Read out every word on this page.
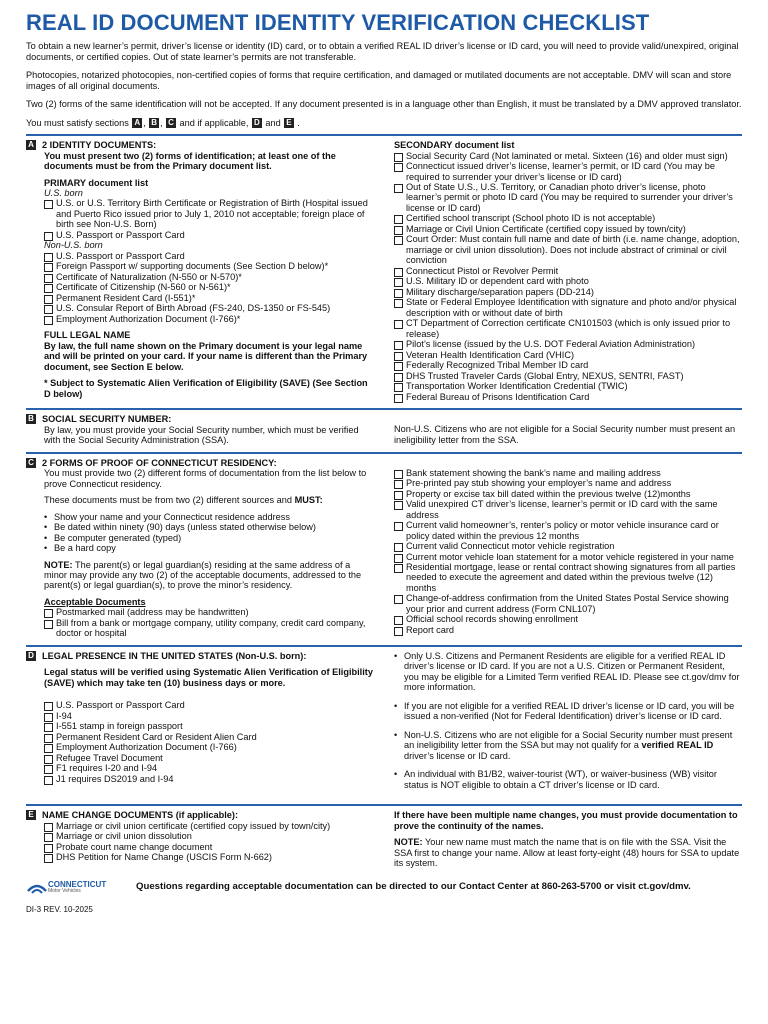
REAL ID DOCUMENT IDENTITY VERIFICATION CHECKLIST

To obtain a new learner’s permit, driver’s license or identity (ID) card, or to obtain a verified REAL ID driver’s license or ID card, you will need to provide valid/unexpired, original documents, or certified copies. Out of state learner’s permits are not transferable.

Photocopies, notarized photocopies, non-certified copies of forms that require certification, and damaged or mutilated documents are not acceptable. DMV will scan and store images of all original documents.

Two (2) forms of the same identification will not be accepted. If any document presented is in a language other than English, it must be translated by a DMV approved translator.

You must satisfy sections A , B , C and if applicable, D and E .

A 2 IDENTITY DOCUMENTS:
You must present two (2) forms of identification; at least one of the documents must be from the Primary document list.
PRIMARY document list
U.S. born
U.S. or U.S. Territory Birth Certificate or Registration of Birth (Hospital issued and Puerto Rico issued prior to July 1, 2010 not acceptable; foreign place of birth see Non-U.S. Born)
U.S. Passport or Passport Card
Non-U.S. born
U.S. Passport or Passport Card
Foreign Passport w/ supporting documents (See Section D below)*
Certificate of Naturalization (N-550 or N-570)*
Certificate of Citizenship (N-560 or N-561)*
Permanent Resident Card (I-551)*
U.S. Consular Report of Birth Abroad (FS-240, DS-1350 or FS-545)
Employment Authorization Document (I-766)*
FULL LEGAL NAME
By law, the full name shown on the Primary document is your legal name and will be printed on your card. If your name is different than the Primary document, see Section E below.
* Subject to Systematic Alien Verification of Eligibility (SAVE) (See Section D below)
SECONDARY document list
Social Security Card (Not laminated or metal. Sixteen (16) and older must sign)
Connecticut issued driver’s license, learner’s permit, or ID card (You may be required to surrender your driver’s license or ID card)
Out of State U.S., U.S. Territory, or Canadian photo driver’s license, photo learner’s permit or photo ID card (You may be required to surrender your driver’s license or ID card)
Certified school transcript (School photo ID is not acceptable)
Marriage or Civil Union Certificate (certified copy issued by town/city)
Court Order: Must contain full name and date of birth (i.e. name change, adoption, marriage or civil union dissolution). Does not include abstract of criminal or civil conviction
Connecticut Pistol or Revolver Permit
U.S. Military ID or dependent card with photo
Military discharge/separation papers (DD-214)
State or Federal Employee Identification with signature and photo and/or physical description with or without date of birth
CT Department of Correction certificate CN101503 (which is only issued prior to release)
Pilot’s license (issued by the U.S. DOT Federal Aviation Administration)
Veteran Health Identification Card (VHIC)
Federally Recognized Tribal Member ID card
DHS Trusted Traveler Cards (Global Entry, NEXUS, SENTRI, FAST)
Transportation Worker Identification Credential (TWIC)
Federal Bureau of Prisons Identification Card
B SOCIAL SECURITY NUMBER:
By law, you must provide your Social Security number, which must be verified with the Social Security Administration (SSA).
Non-U.S. Citizens who are not eligible for a Social Security number must present an ineligibility letter from the SSA.
C 2 FORMS OF PROOF OF CONNECTICUT RESIDENCY:
You must provide two (2) different forms of documentation from the list below to prove Connecticut residency.
These documents must be from two (2) different sources and MUST:
• Show your name and your Connecticut residence address
• Be dated within ninety (90) days (unless stated otherwise below)
• Be computer generated (typed)
• Be a hard copy
NOTE: The parent(s) or legal guardian(s) residing at the same address of a minor may provide any two (2) of the acceptable documents, addressed to the parent(s) or legal guardian(s), to prove the minor’s residency.
Acceptable Documents
Postmarked mail (address may be handwritten)
Bill from a bank or mortgage company, utility company, credit card company, doctor or hospital
Bank statement showing the bank’s name and mailing address
Pre-printed pay stub showing your employer’s name and address
Property or excise tax bill dated within the previous twelve (12)months
Valid unexpired CT driver’s license, learner’s permit or ID card with the same address
Current valid homeowner’s, renter’s policy or motor vehicle insurance card or policy dated within the previous 12 months
Current valid Connecticut motor vehicle registration
Current motor vehicle loan statement for a motor vehicle registered in your name
Residential mortgage, lease or rental contract showing signatures from all parties needed to execute the agreement and dated within the previous twelve (12) months
Change-of-address confirmation from the United States Postal Service showing your prior and current address (Form CNL107)
Official school records showing enrollment
Report card
D LEGAL PRESENCE IN THE UNITED STATES (Non-U.S. born):
Legal status will be verified using Systematic Alien Verification of Eligibility (SAVE) which may take ten (10) business days or more.
U.S. Passport or Passport Card
I-94
I-551 stamp in foreign passport
Permanent Resident Card or Resident Alien Card
Employment Authorization Document (I-766)
Refugee Travel Document
F1 requires I-20 and I-94
J1 requires DS2019 and I-94
• Only U.S. Citizens and Permanent Residents are eligible for a verified REAL ID driver’s license or ID card. If you are not a U.S. Citizen or Permanent Resident, you may be eligible for a Limited Term verified REAL ID. Please see ct.gov/dmv for more information.
• If you are not eligible for a verified REAL ID driver’s license or ID card, you will be issued a non-verified (Not for Federal Identification) driver’s license or ID card.
• Non-U.S. Citizens who are not eligible for a Social Security number must present an ineligibility letter from the SSA but may not qualify for a verified REAL ID driver’s license or ID card.
• An individual with B1/B2, waiver-tourist (WT), or waiver-business (WB) visitor status is NOT eligible to obtain a CT driver’s license or ID card.
E NAME CHANGE DOCUMENTS (if applicable):
Marriage or civil union certificate (certified copy issued by town/city)
Marriage or civil union dissolution
Probate court name change document
DHS Petition for Name Change (USCIS Form N-662)
If there have been multiple name changes, you must provide documentation to prove the continuity of the names.
NOTE: Your new name must match the name that is on file with the SSA. Visit the SSA first to change your name. Allow at least forty-eight (48) hours for SSA to update its system.
CONNECTICUT
Motor Vehicles	Questions regarding acceptable documentation can be directed to our Contact Center at 860-263-5700 or visit ct.gov/dmv.
DI-3 REV. 10-2025
